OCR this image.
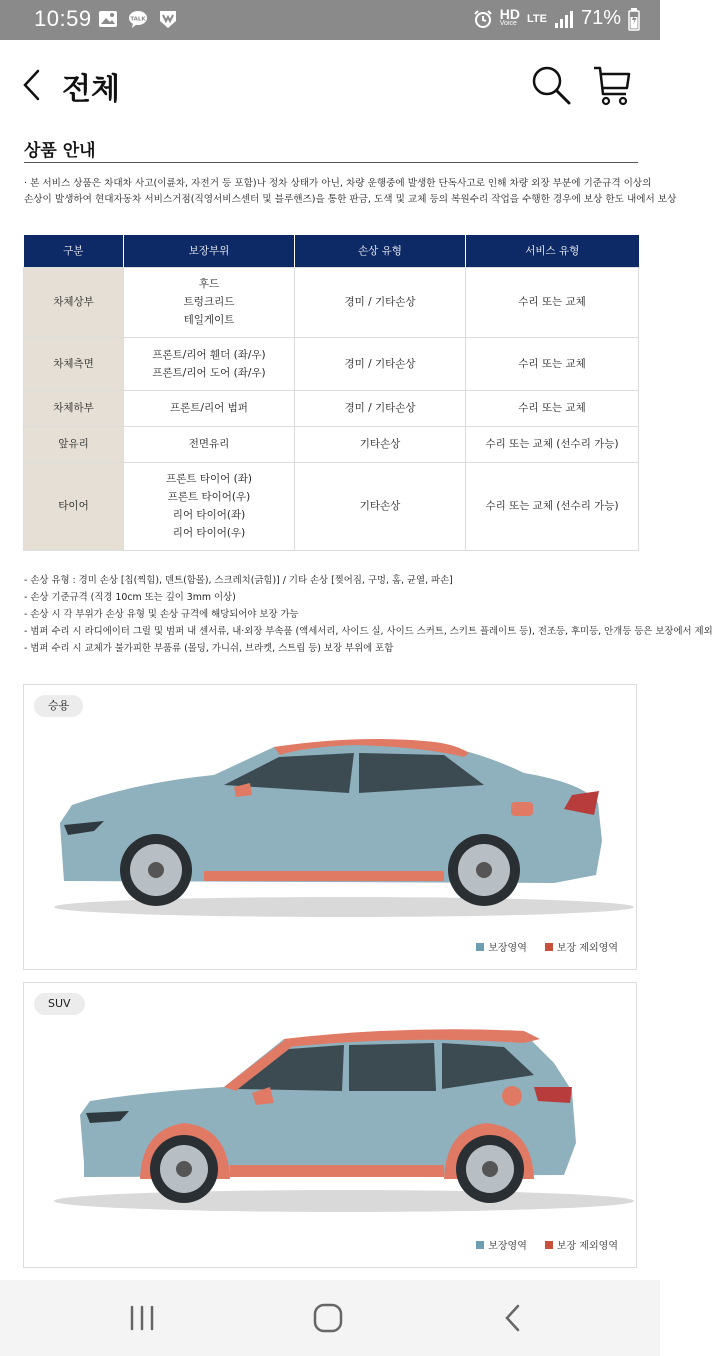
10:59	TALK	HD
Voice LTE 71%
전체
상품 안내
· 본 서비스 상품은 차대차 사고(이륜차, 자전거 등 포함)나 정차 상태가 아닌, 차량 운행중에 발생한 단독사고로 인해 차량 외장 부분에 기준규격 이상의
손상이 발생하여 현대자동차 서비스거점(직영서비스센터 및 블루핸즈)을 통한 판금, 도색 및 교체 등의 복원수리 작업을 수행한 경우에 보상 한도 내에서 보상
구분	보장부위	손상 유형	서비스 유형
차체상부	후드
트렁크리드
테일게이트	경미 / 기타손상	수리 또는 교체
차체측면	프론트/리어 휀더 (좌/우)
프론트/리어 도어 (좌/우)	경미 / 기타손상	수리 또는 교체
차체하부	프론트/리어 범퍼	경미 / 기타손상	수리 또는 교체
앞유리	전면유리	기타손상	수리 또는 교체 (선수리 가능)
타이어	프론트 타이어 (좌)
프론트 타이어(우)
리어 타이어(좌)
리어 타이어(우)	기타손상	수리 또는 교체 (선수리 가능)
- 손상 유형 : 경미 손상 [칩(찍힘), 덴트(함몰), 스크레치(긁힘)] / 기타 손상 [찢어짐, 구멍, 홈, 균열, 파손]
- 손상 기준규격 (직경 10cm 또는 깊이 3mm 이상)
- 손상 시 각 부위가 손상 유형 및 손상 규격에 해당되어야 보장 가능
- 범퍼 수리 시 라디에이터 그릴 및 범퍼 내 센서류, 내·외장 부속품 (액세서리, 사이드 실, 사이드 스커트, 스키트 플레이트 등), 전조등, 후미등, 안개등 등은 보장에서 제외
- 범퍼 수리 시 교체가 불가피한 부품류 (몰딩, 가니쉬, 브라켓, 스트립 등) 보장 부위에 포함
승용
보장영역	보장 제외영역
SUV
보장영역	보장 제외영역
